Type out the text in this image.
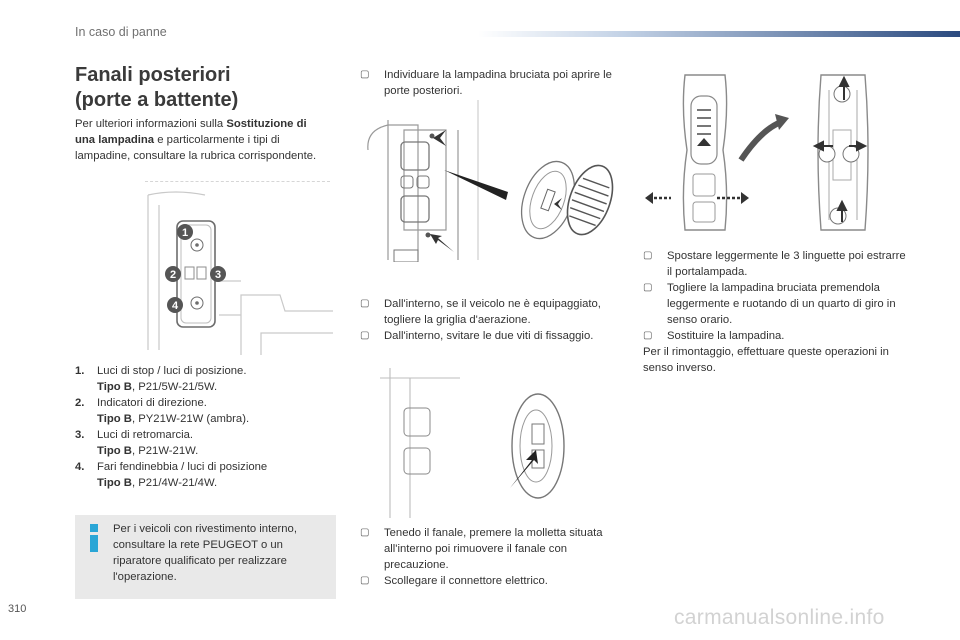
In caso di panne
Fanali posteriori
(porte a battente)
Per ulteriori informazioni sulla Sostituzione di una lampadina e particolarmente i tipi di lampadine, consultare la rubrica corrispondente.
1
2	3
4
1.	Luci di stop / luci di posizione.
Tipo B, P21/5W-21/5W.
2.	Indicatori di direzione.
Tipo B, PY21W-21W (ambra).
3.	Luci di retromarcia.
Tipo B, P21W-21W.
4.	Fari fendinebbia / luci di posizione
Tipo B, P21/4W-21/4W.
Per i veicoli con rivestimento interno, consultare la rete PEUGEOT o un riparatore qualificato per realizzare l'operazione.
▢	Individuare la lampadina bruciata poi aprire le porte posteriori.
▢	Dall'interno, se il veicolo ne è equipaggiato, togliere la griglia d'aerazione.
▢	Dall'interno, svitare le due viti di fissaggio.
▢	Tenedo il fanale, premere la molletta situata all'interno poi rimuovere il fanale con precauzione.
▢	Scollegare il connettore elettrico.
▢	Spostare leggermente le 3 linguette poi estrarre il portalampada.
▢	Togliere la lampadina bruciata premendola leggermente e ruotando di un quarto di giro in senso orario.
▢	Sostituire la lampadina.
Per il rimontaggio, effettuare queste operazioni in senso inverso.
310	carmanualsonline.info
